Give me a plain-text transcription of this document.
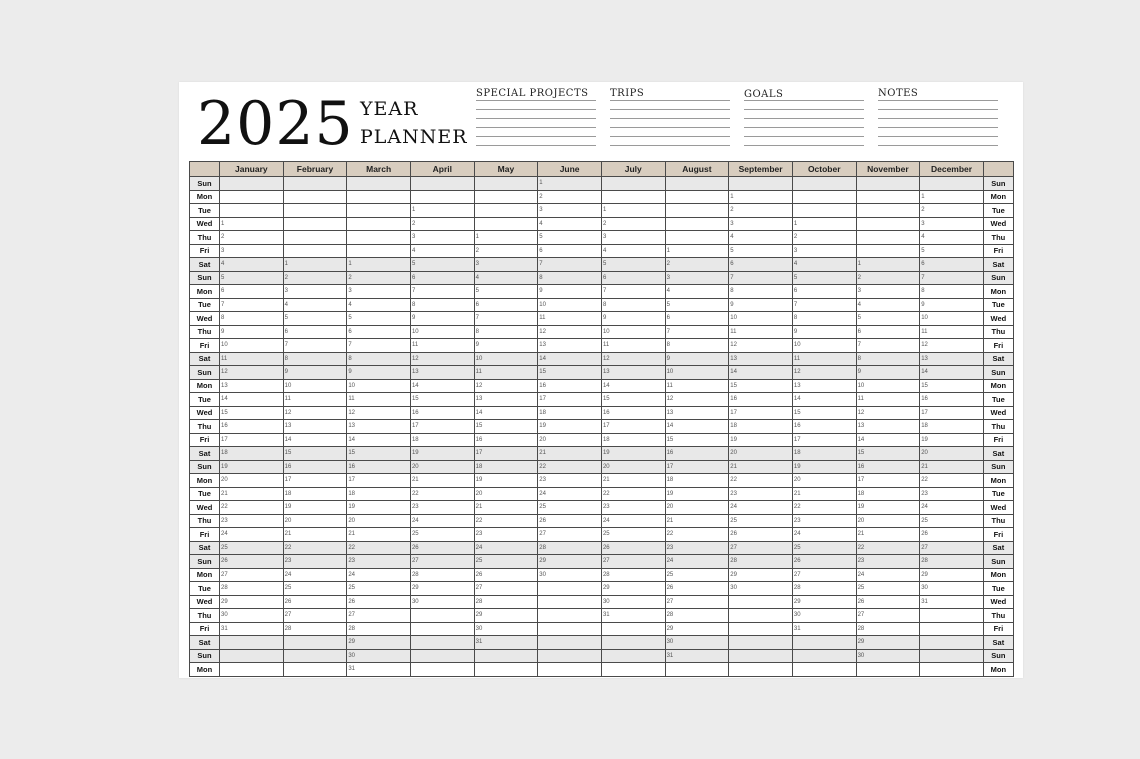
2025 YEAR
PLANNER
SPECIAL PROJECTS	TRIPS	GOALS	NOTES
	January	February	March	April	May	June	July	August	September	October	November	December	
Sun						1							Sun
Mon						2			1			1	Mon
Tue				1		3	1		2			2	Tue
Wed	1			2		4	2		3	1		3	Wed
Thu	2			3	1	5	3		4	2		4	Thu
Fri	3			4	2	6	4	1	5	3		5	Fri
Sat	4	1	1	5	3	7	5	2	6	4	1	6	Sat
Sun	5	2	2	6	4	8	6	3	7	5	2	7	Sun
Mon	6	3	3	7	5	9	7	4	8	6	3	8	Mon
Tue	7	4	4	8	6	10	8	5	9	7	4	9	Tue
Wed	8	5	5	9	7	11	9	6	10	8	5	10	Wed
Thu	9	6	6	10	8	12	10	7	11	9	6	11	Thu
Fri	10	7	7	11	9	13	11	8	12	10	7	12	Fri
Sat	11	8	8	12	10	14	12	9	13	11	8	13	Sat
Sun	12	9	9	13	11	15	13	10	14	12	9	14	Sun
Mon	13	10	10	14	12	16	14	11	15	13	10	15	Mon
Tue	14	11	11	15	13	17	15	12	16	14	11	16	Tue
Wed	15	12	12	16	14	18	16	13	17	15	12	17	Wed
Thu	16	13	13	17	15	19	17	14	18	16	13	18	Thu
Fri	17	14	14	18	16	20	18	15	19	17	14	19	Fri
Sat	18	15	15	19	17	21	19	16	20	18	15	20	Sat
Sun	19	16	16	20	18	22	20	17	21	19	16	21	Sun
Mon	20	17	17	21	19	23	21	18	22	20	17	22	Mon
Tue	21	18	18	22	20	24	22	19	23	21	18	23	Tue
Wed	22	19	19	23	21	25	23	20	24	22	19	24	Wed
Thu	23	20	20	24	22	26	24	21	25	23	20	25	Thu
Fri	24	21	21	25	23	27	25	22	26	24	21	26	Fri
Sat	25	22	22	26	24	28	26	23	27	25	22	27	Sat
Sun	26	23	23	27	25	29	27	24	28	26	23	28	Sun
Mon	27	24	24	28	26	30	28	25	29	27	24	29	Mon
Tue	28	25	25	29	27		29	26	30	28	25	30	Tue
Wed	29	26	26	30	28		30	27		29	26	31	Wed
Thu	30	27	27		29		31	28		30	27		Thu
Fri	31	28	28		30			29		31	28		Fri
Sat			29		31			30			29		Sat
Sun			30					31			30		Sun
Mon			31										Mon
